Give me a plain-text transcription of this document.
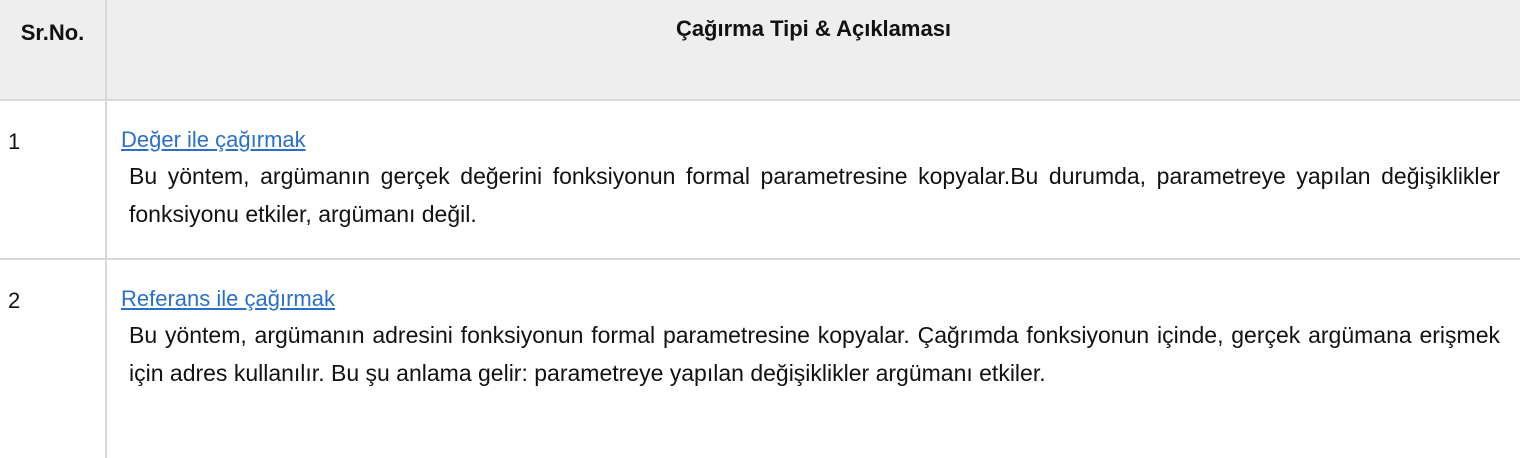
Sr.No.	Çağırma Tipi & Açıklaması
1	Değer ile çağırmak

Bu yöntem, argümanın gerçek değerini fonksiyonun formal parametresine kopyalar.Bu durumda, parametreye yapılan değişiklikler fonksiyonu etkiler, argümanı değil.

2	Referans ile çağırmak

Bu yöntem, argümanın adresini fonksiyonun formal parametresine kopyalar. Çağrımda fonksiyonun içinde, gerçek argümana erişmek için adres kullanılır. Bu şu anlama gelir: parametreye yapılan değişiklikler argümanı etkiler.
